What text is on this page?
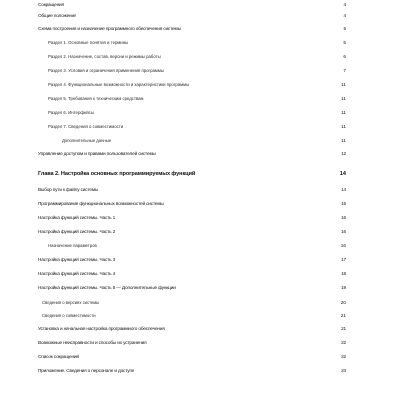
Сокращения	4
Общие положения	4
Схема построения и назначение программного обеспечения системы	5
Раздел 1. Основные понятия и термины	5
Раздел 2. Назначение, состав, версии и режимы работы	6
Раздел 3. Условия и ограничения применения программы	7
Раздел 4. Функциональные возможности и характеристики программы	11
Раздел 5. Требования к техническим средствам	11
Раздел 6. Интерфейсы	11
Раздел 7. Сведения о совместимости	11
Дополнительные данные	11
Управление доступом и правами пользователей системы	12
Глава 2. Настройка основных программируемых функций	14
Выбор пути к файлу системы	14
Программирование функциональных возможностей системы	15
Настройка функций системы. Часть 1	16
Настройка функций системы. Часть 2	16
Назначение параметров	16
Настройка функций системы. Часть 3	17
Настройка функций системы. Часть 4	18
Настройка функций системы. Часть 5 — Дополнительные функции	19
Сведения о версиях системы	20
Сведения о совместимости	21
Установка и начальная настройка программного обеспечения	21
Возможные неисправности и способы их устранения	22
Список сокращений	22
Приложение. Сведения о персонале и доступе	23
